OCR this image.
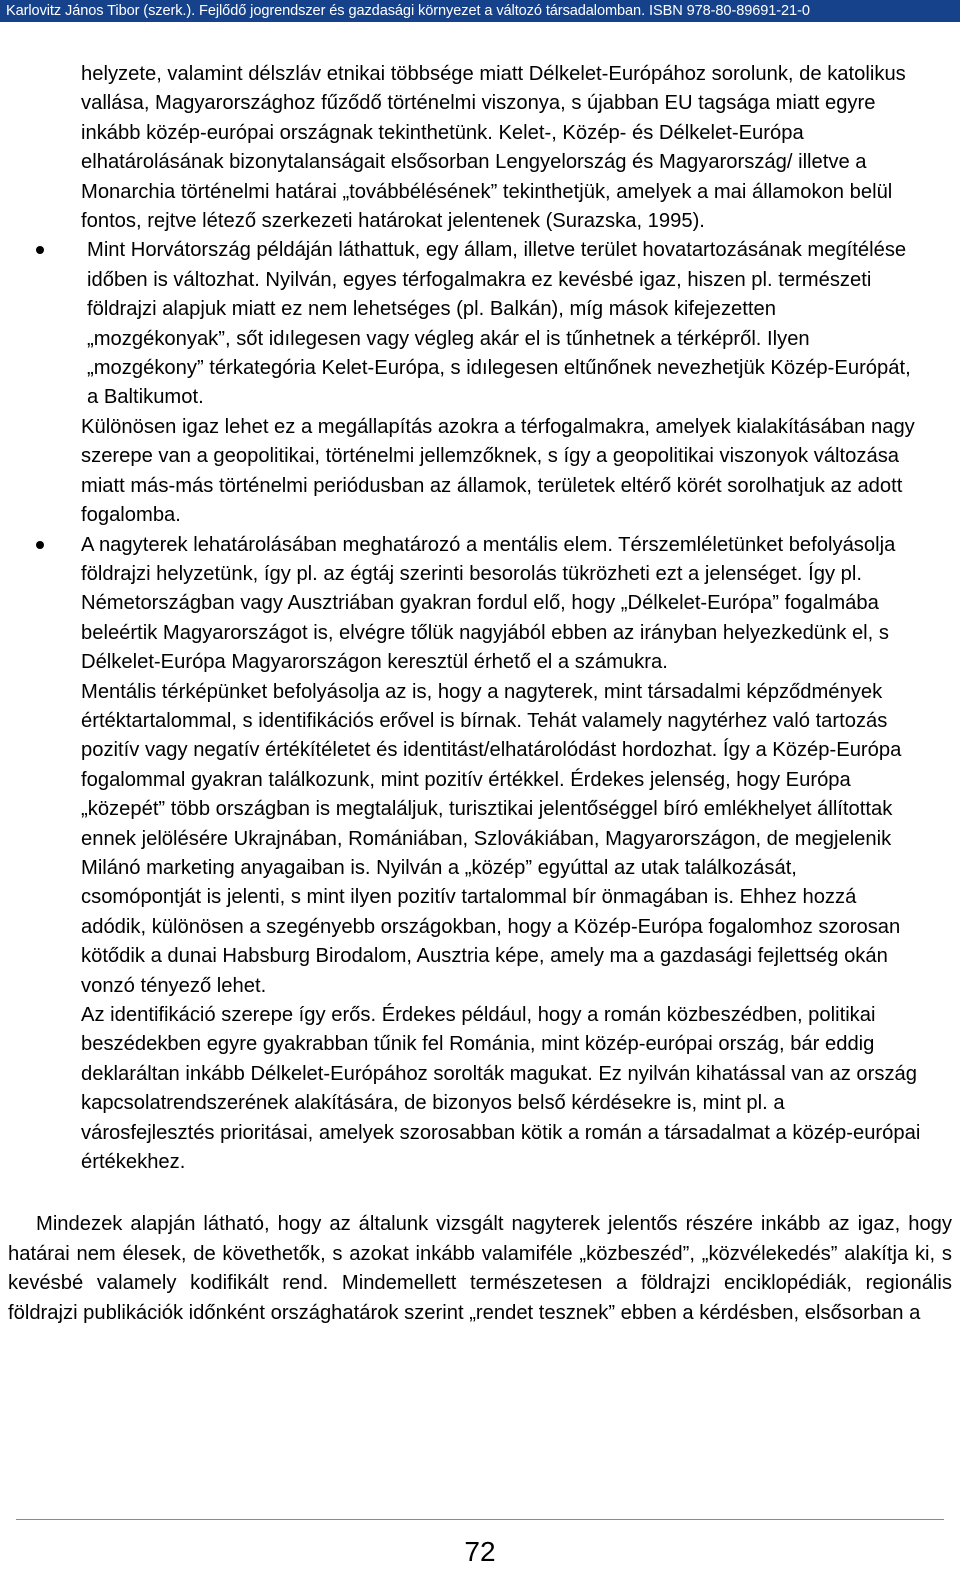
Karlovitz János Tibor (szerk.). Fejlődő jogrendszer és gazdasági környezet a változó társadalomban. ISBN 978-80-89691-21-0

helyzete, valamint délszláv etnikai többsége miatt Délkelet-Európához sorolunk, de katolikus vallása, Magyarországhoz fűződő történelmi viszonya, s újabban EU tagsága miatt egyre inkább közép-európai országnak tekinthetünk. Kelet-, Közép- és Délkelet-Európa elhatárolásának bizonytalanságait elsősorban Lengyelország és Magyarország/ illetve a Monarchia történelmi határai „továbbélésének” tekinthetjük, amelyek a mai államokon belül fontos, rejtve létező szerkezeti határokat jelentenek (Surazska, 1995).

Mint Horvátország példáján láthattuk, egy állam, illetve terület hovatartozásának megítélése időben is változhat. Nyilván, egyes térfogalmakra ez kevésbé igaz, hiszen pl. természeti földrajzi alapjuk miatt ez nem lehetséges (pl. Balkán), míg mások kifejezetten „mozgékonyak”, sőt idılegesen vagy végleg akár el is tűnhetnek a térképről. Ilyen „mozgékony” térkategória Kelet-Európa, s idılegesen eltűnőnek nevezhetjük Közép-Európát, a Baltikumot.

Különösen igaz lehet ez a megállapítás azokra a térfogalmakra, amelyek kialakításában nagy szerepe van a geopolitikai, történelmi jellemzőknek, s így a geopolitikai viszonyok változása miatt más-más történelmi periódusban az államok, területek eltérő körét sorolhatjuk az adott fogalomba.

A nagyterek lehatárolásában meghatározó a mentális elem. Térszemléletünket befolyásolja földrajzi helyzetünk, így pl. az égtáj szerinti besorolás tükrözheti ezt a jelenséget. Így pl. Németországban vagy Ausztriában gyakran fordul elő, hogy „Délkelet-Európa” fogalmába beleértik Magyarországot is, elvégre tőlük nagyjából ebben az irányban helyezkedünk el, s Délkelet-Európa Magyarországon keresztül érhető el a számukra.

Mentális térképünket befolyásolja az is, hogy a nagyterek, mint társadalmi képződmények értéktartalommal, s identifikációs erővel is bírnak. Tehát valamely nagytérhez való tartozás pozitív vagy negatív értékítéletet és identitást/elhatárolódást hordozhat. Így a Közép-Európa fogalommal gyakran találkozunk, mint pozitív értékkel. Érdekes jelenség, hogy Európa „közepét” több országban is megtaláljuk, turisztikai jelentőséggel bíró emlékhelyet állítottak ennek jelölésére Ukrajnában, Romániában, Szlovákiában, Magyarországon, de megjelenik Milánó marketing anyagaiban is. Nyilván a „közép” egyúttal az utak találkozását, csomópontját is jelenti, s mint ilyen pozitív tartalommal bír önmagában is. Ehhez hozzá adódik, különösen a szegényebb országokban, hogy a Közép-Európa fogalomhoz szorosan kötődik a dunai Habsburg Birodalom, Ausztria képe, amely ma a gazdasági fejlettség okán vonzó tényező lehet.

Az identifikáció szerepe így erős. Érdekes például, hogy a román közbeszédben, politikai beszédekben egyre gyakrabban tűnik fel Románia, mint közép-európai ország, bár eddig deklaráltan inkább Délkelet-Európához sorolták magukat. Ez nyilván kihatással van az ország kapcsolatrendszerének alakítására, de bizonyos belső kérdésekre is, mint pl. a városfejlesztés prioritásai, amelyek szorosabban kötik a román a társadalmat a közép-európai értékekhez.

Mindezek alapján látható, hogy az általunk vizsgált nagyterek jelentős részére inkább az igaz, hogy határai nem élesek, de követhetők, s azokat inkább valamiféle „közbeszéd”, „közvélekedés” alakítja ki, s kevésbé valamely kodifikált rend. Mindemellett természetesen a földrajzi enciklopédiák, regionális földrajzi publikációk időnként országhatárok szerint „rendet tesznek” ebben a kérdésben, elsősorban a

72
